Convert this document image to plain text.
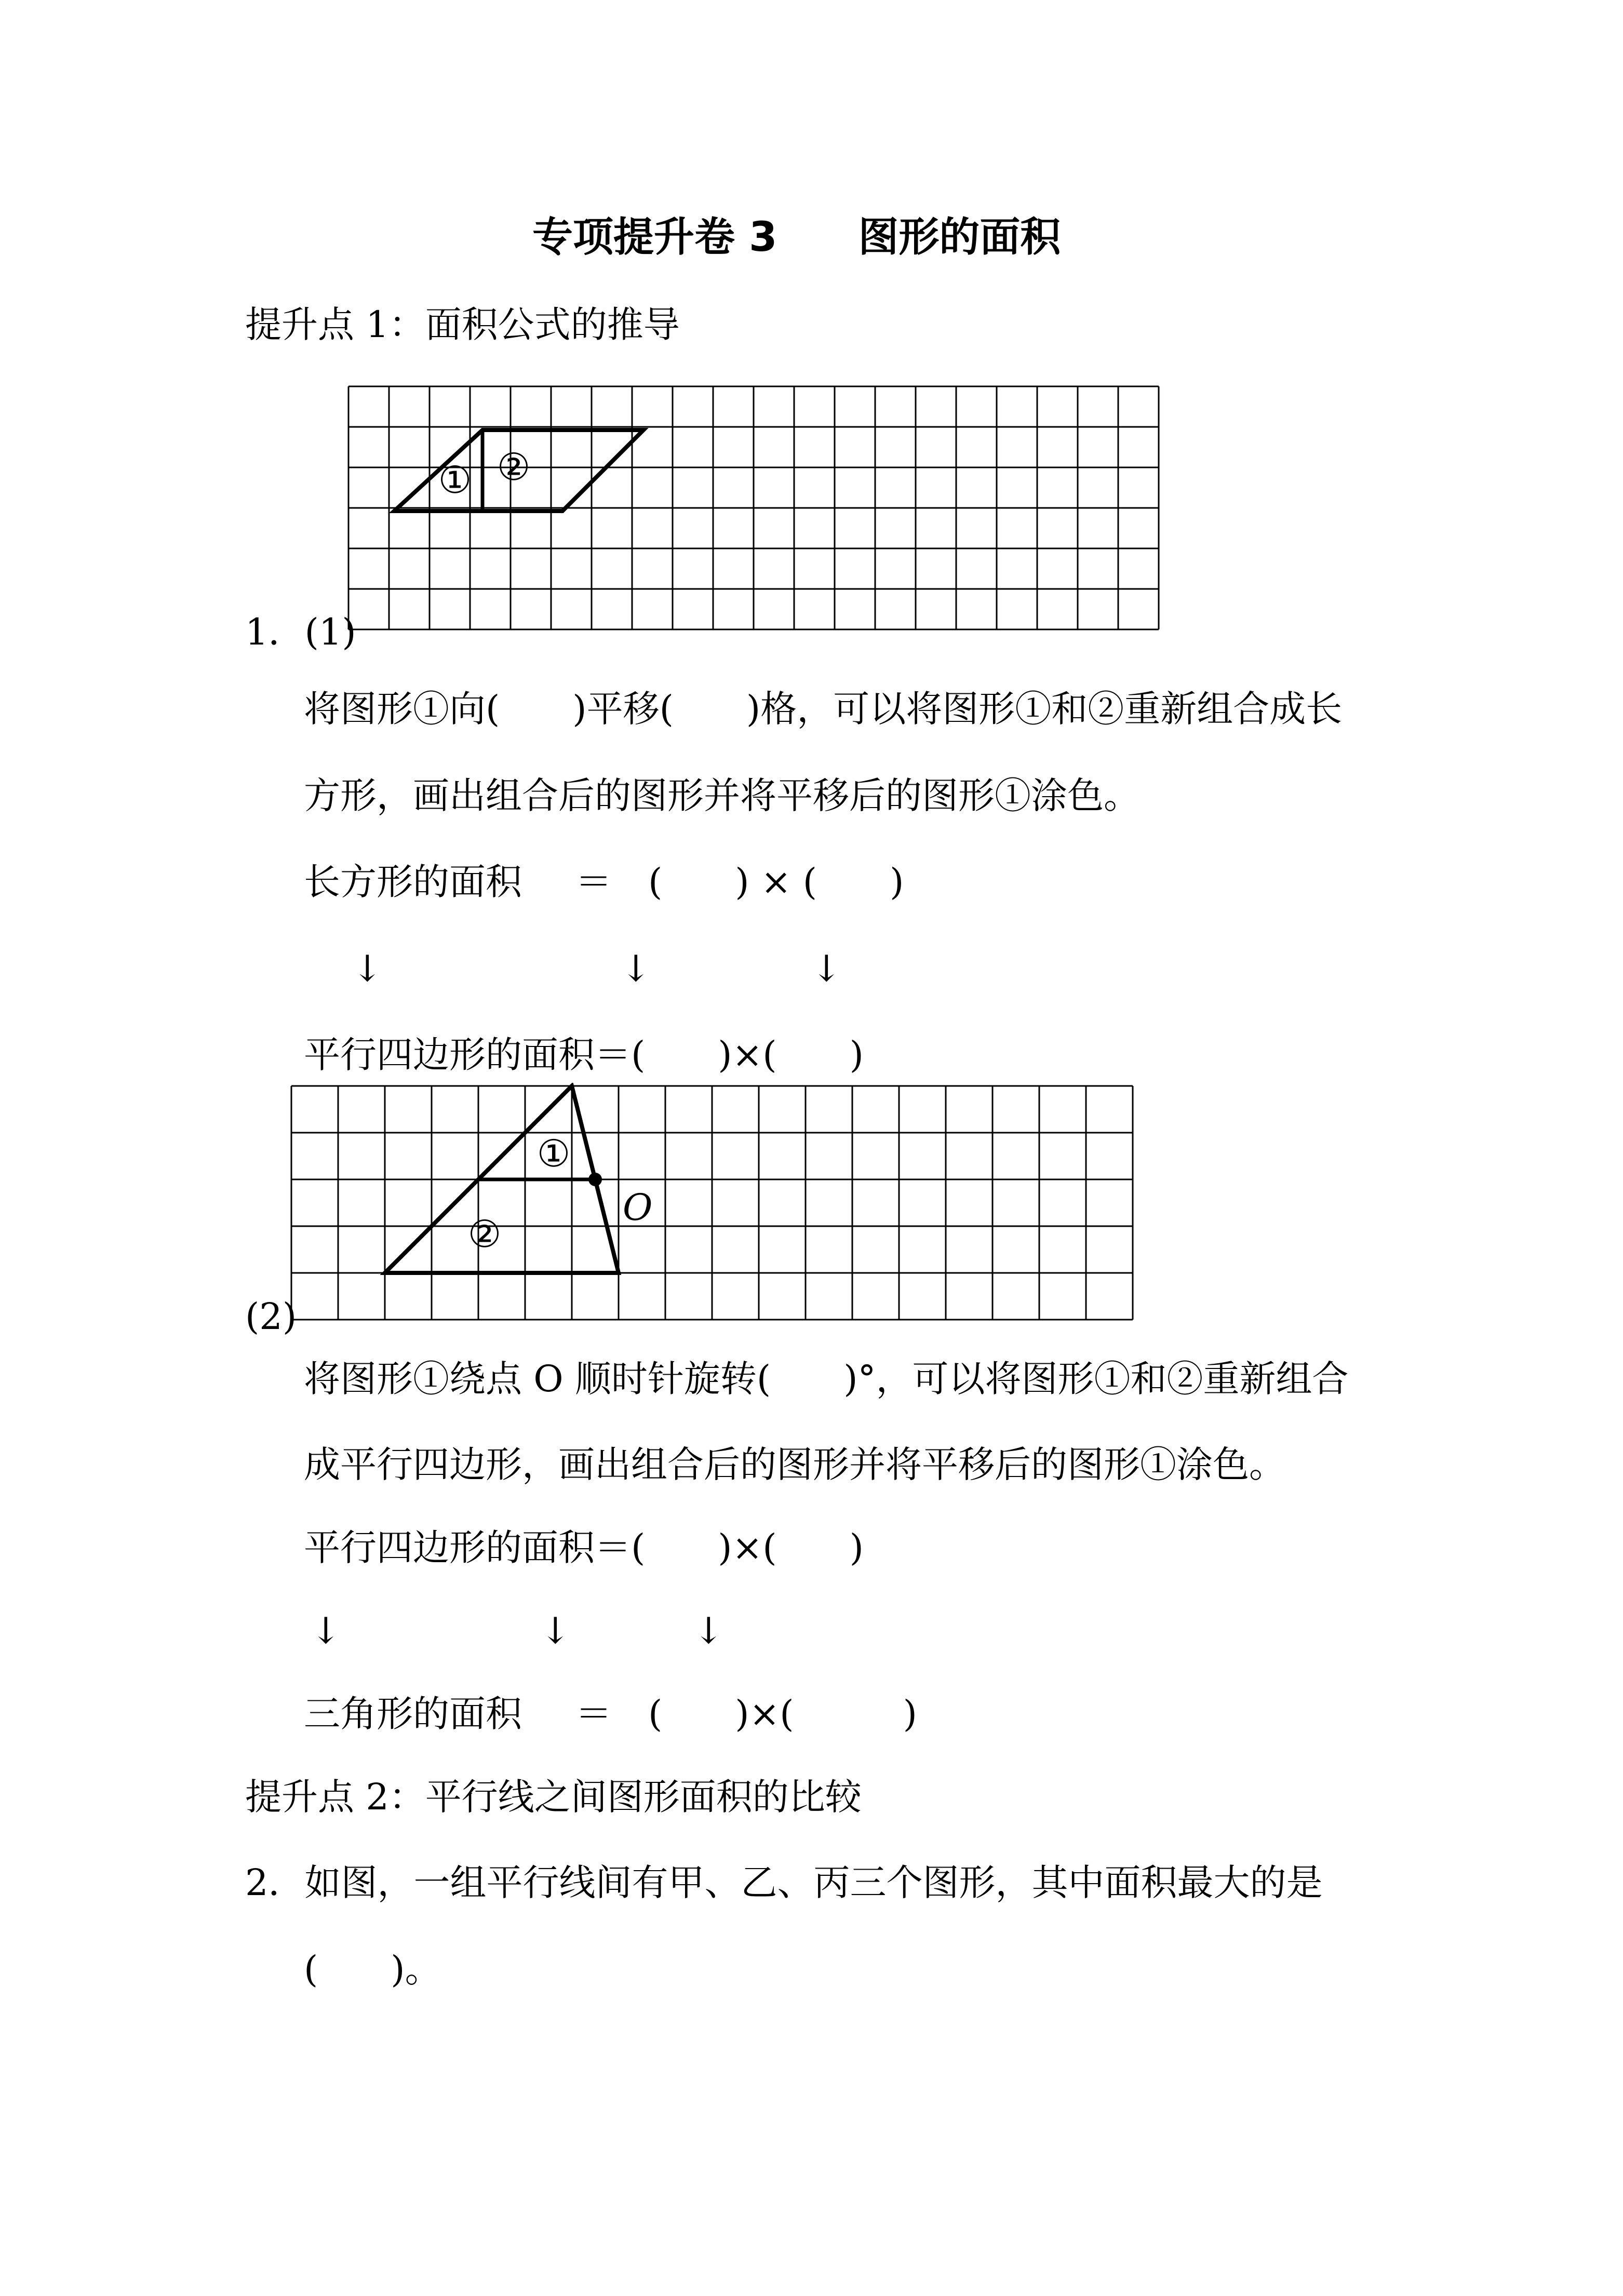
专项提升卷 3　　图形的面积
提升点 1：面积公式的推导
① ②
1．(1)
将图形①向(　　)平移(　　)格，可以将图形①和②重新组合成长
方形，画出组合后的图形并将平移后的图形①涂色。
长方形的面积 ＝　(　　) × (　　)
↓	↓	↓
平行四边形的面积＝(　　)×(　　)
①
②
O
(2)
将图形①绕点 O 顺时针旋转(　　)°，可以将图形①和②重新组合
成平行四边形，画出组合后的图形并将平移后的图形①涂色。
平行四边形的面积＝(　　)×(　　)
↓	↓	↓
三角形的面积 ＝　(　　)×(　　　)
提升点 2：平行线之间图形面积的比较
2．如图，一组平行线间有甲、乙、丙三个图形，其中面积最大的是
(　　)。
